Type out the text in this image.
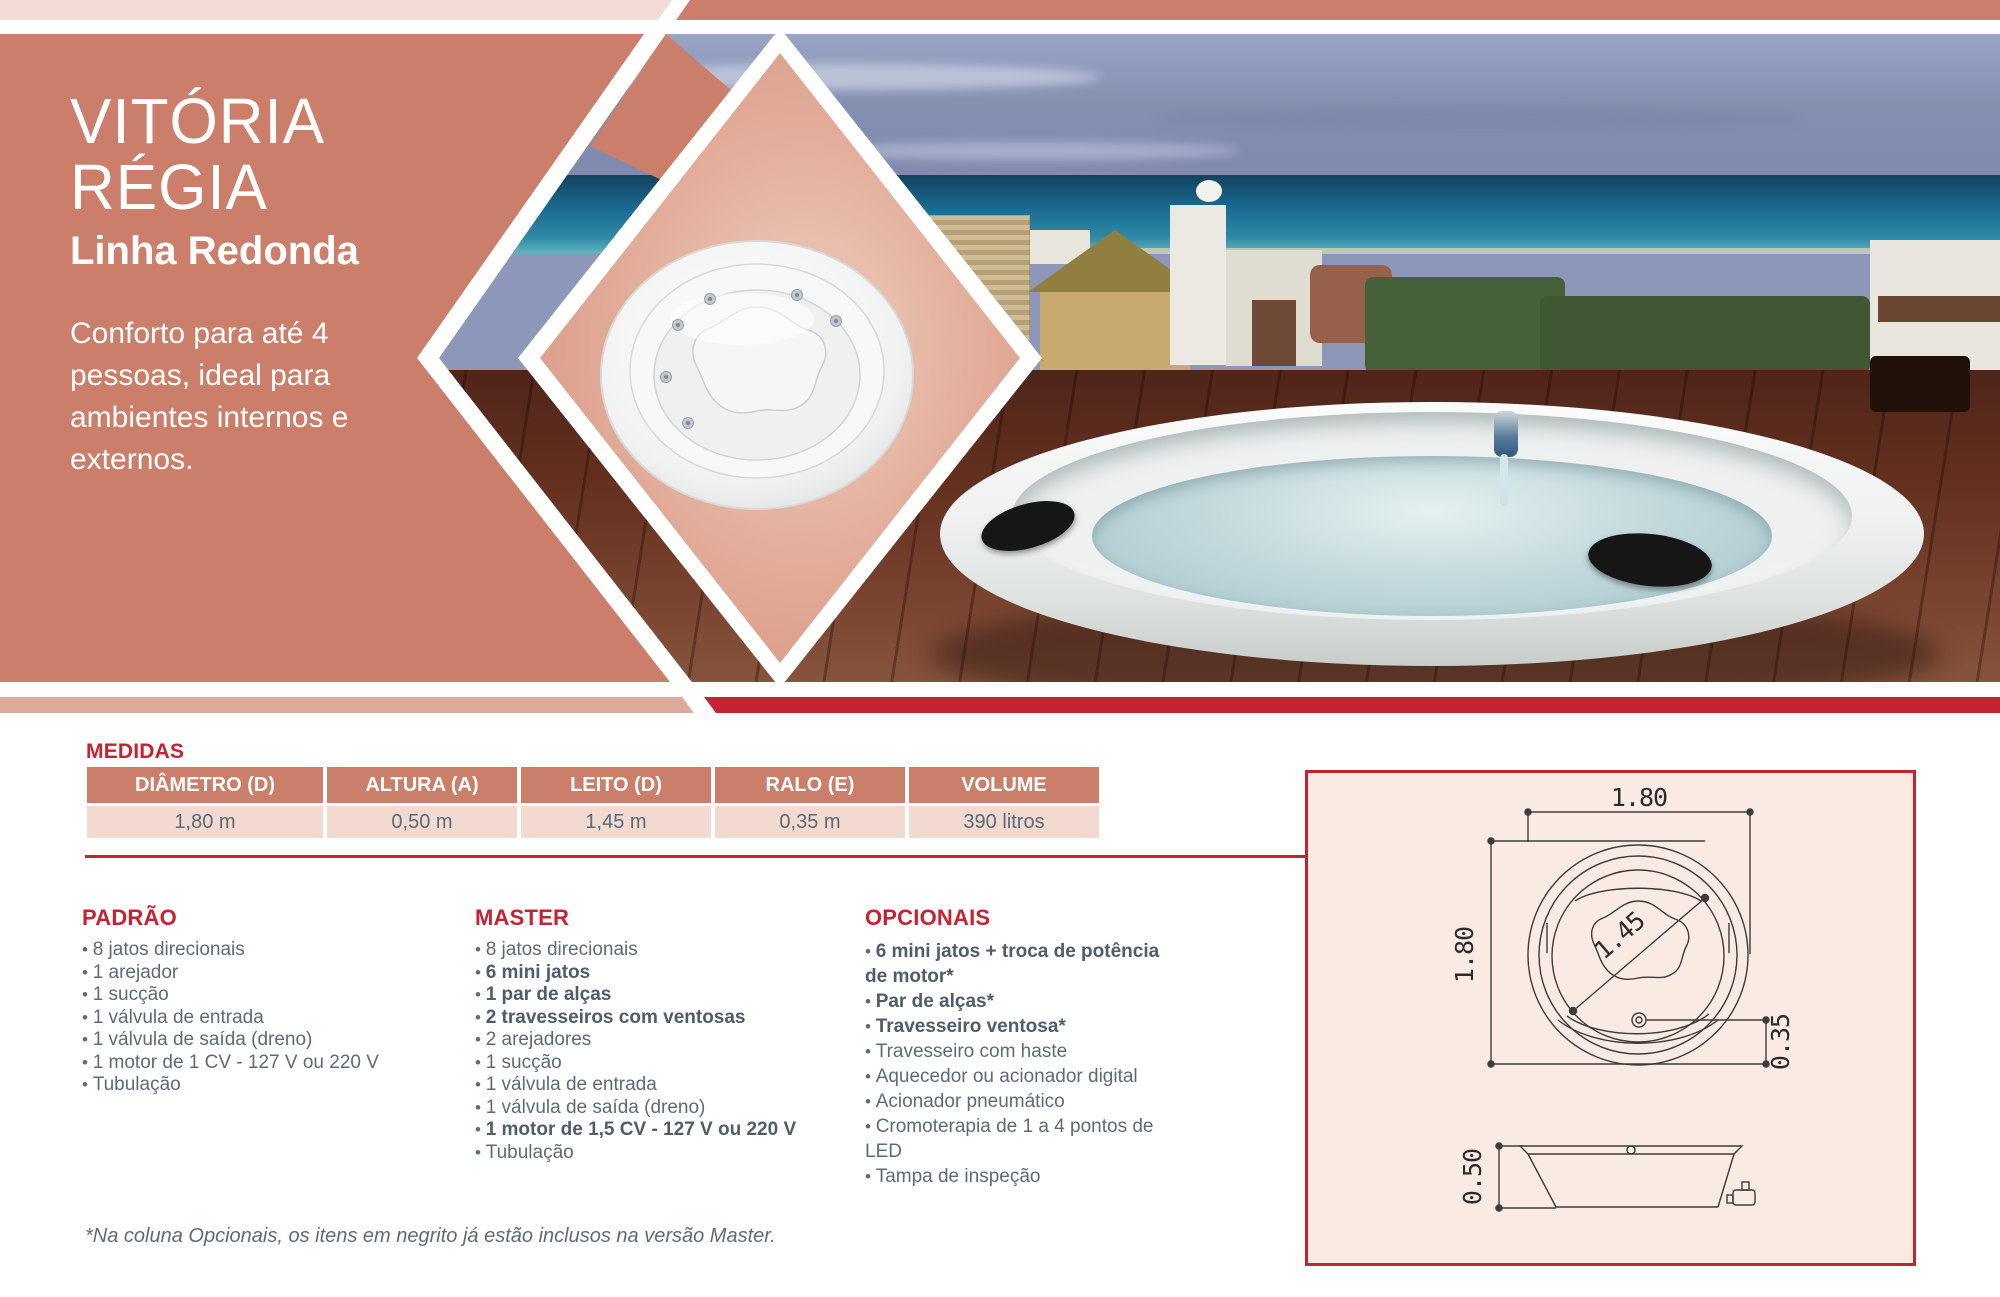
VITÓRIA RÉGIA
Linha Redonda
Conforto para até 4 pessoas, ideal para ambientes internos e externos.
MEDIDAS
DIÂMETRO (D)	ALTURA (A)	LEITO (D)	RALO (E)	VOLUME
1,80 m	0,50 m	1,45 m	0,35 m	390 litros
PADRÃO
• 8 jatos direcionais
• 1 arejador
• 1 sucção
• 1 válvula de entrada
• 1 válvula de saída (dreno)
• 1 motor de 1 CV - 127 V ou 220 V
• Tubulação
MASTER
• 8 jatos direcionais
• 6 mini jatos
• 1 par de alças
• 2 travesseiros com ventosas
• 2 arejadores
• 1 sucção
• 1 válvula de entrada
• 1 válvula de saída (dreno)
• 1 motor de 1,5 CV - 127 V ou 220 V
• Tubulação
OPCIONAIS
• 6 mini jatos + troca de potência de motor*
• Par de alças*
• Travesseiro ventosa*
• Travesseiro com haste
• Aquecedor ou acionador digital
• Acionador pneumático
• Cromoterapia de 1 a 4 pontos de LED
• Tampa de inspeção
*Na coluna Opcionais, os itens em negrito já estão inclusos na versão Master.
1.80
1.80	1.45
0.35
0.50
